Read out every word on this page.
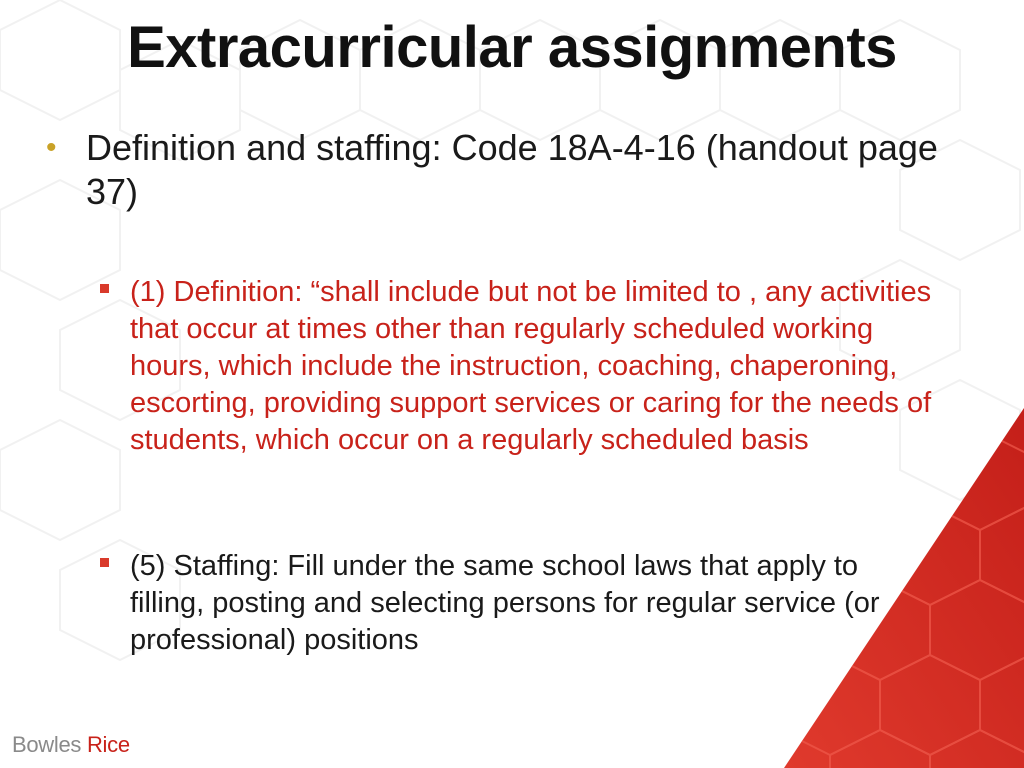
Extracurricular assignments
• Definition and staffing: Code 18A-4-16 (handout page 37)
(1) Definition: “shall include but not be limited to , any activities that occur at times other than regularly scheduled working hours, which include the instruction, coaching, chaperoning, escorting, providing support services or caring for the needs of students, which occur on a regularly scheduled basis
(5) Staffing: Fill under the same school laws that apply to filling, posting and selecting persons for regular service (or professional) positions
Bowles Rice
